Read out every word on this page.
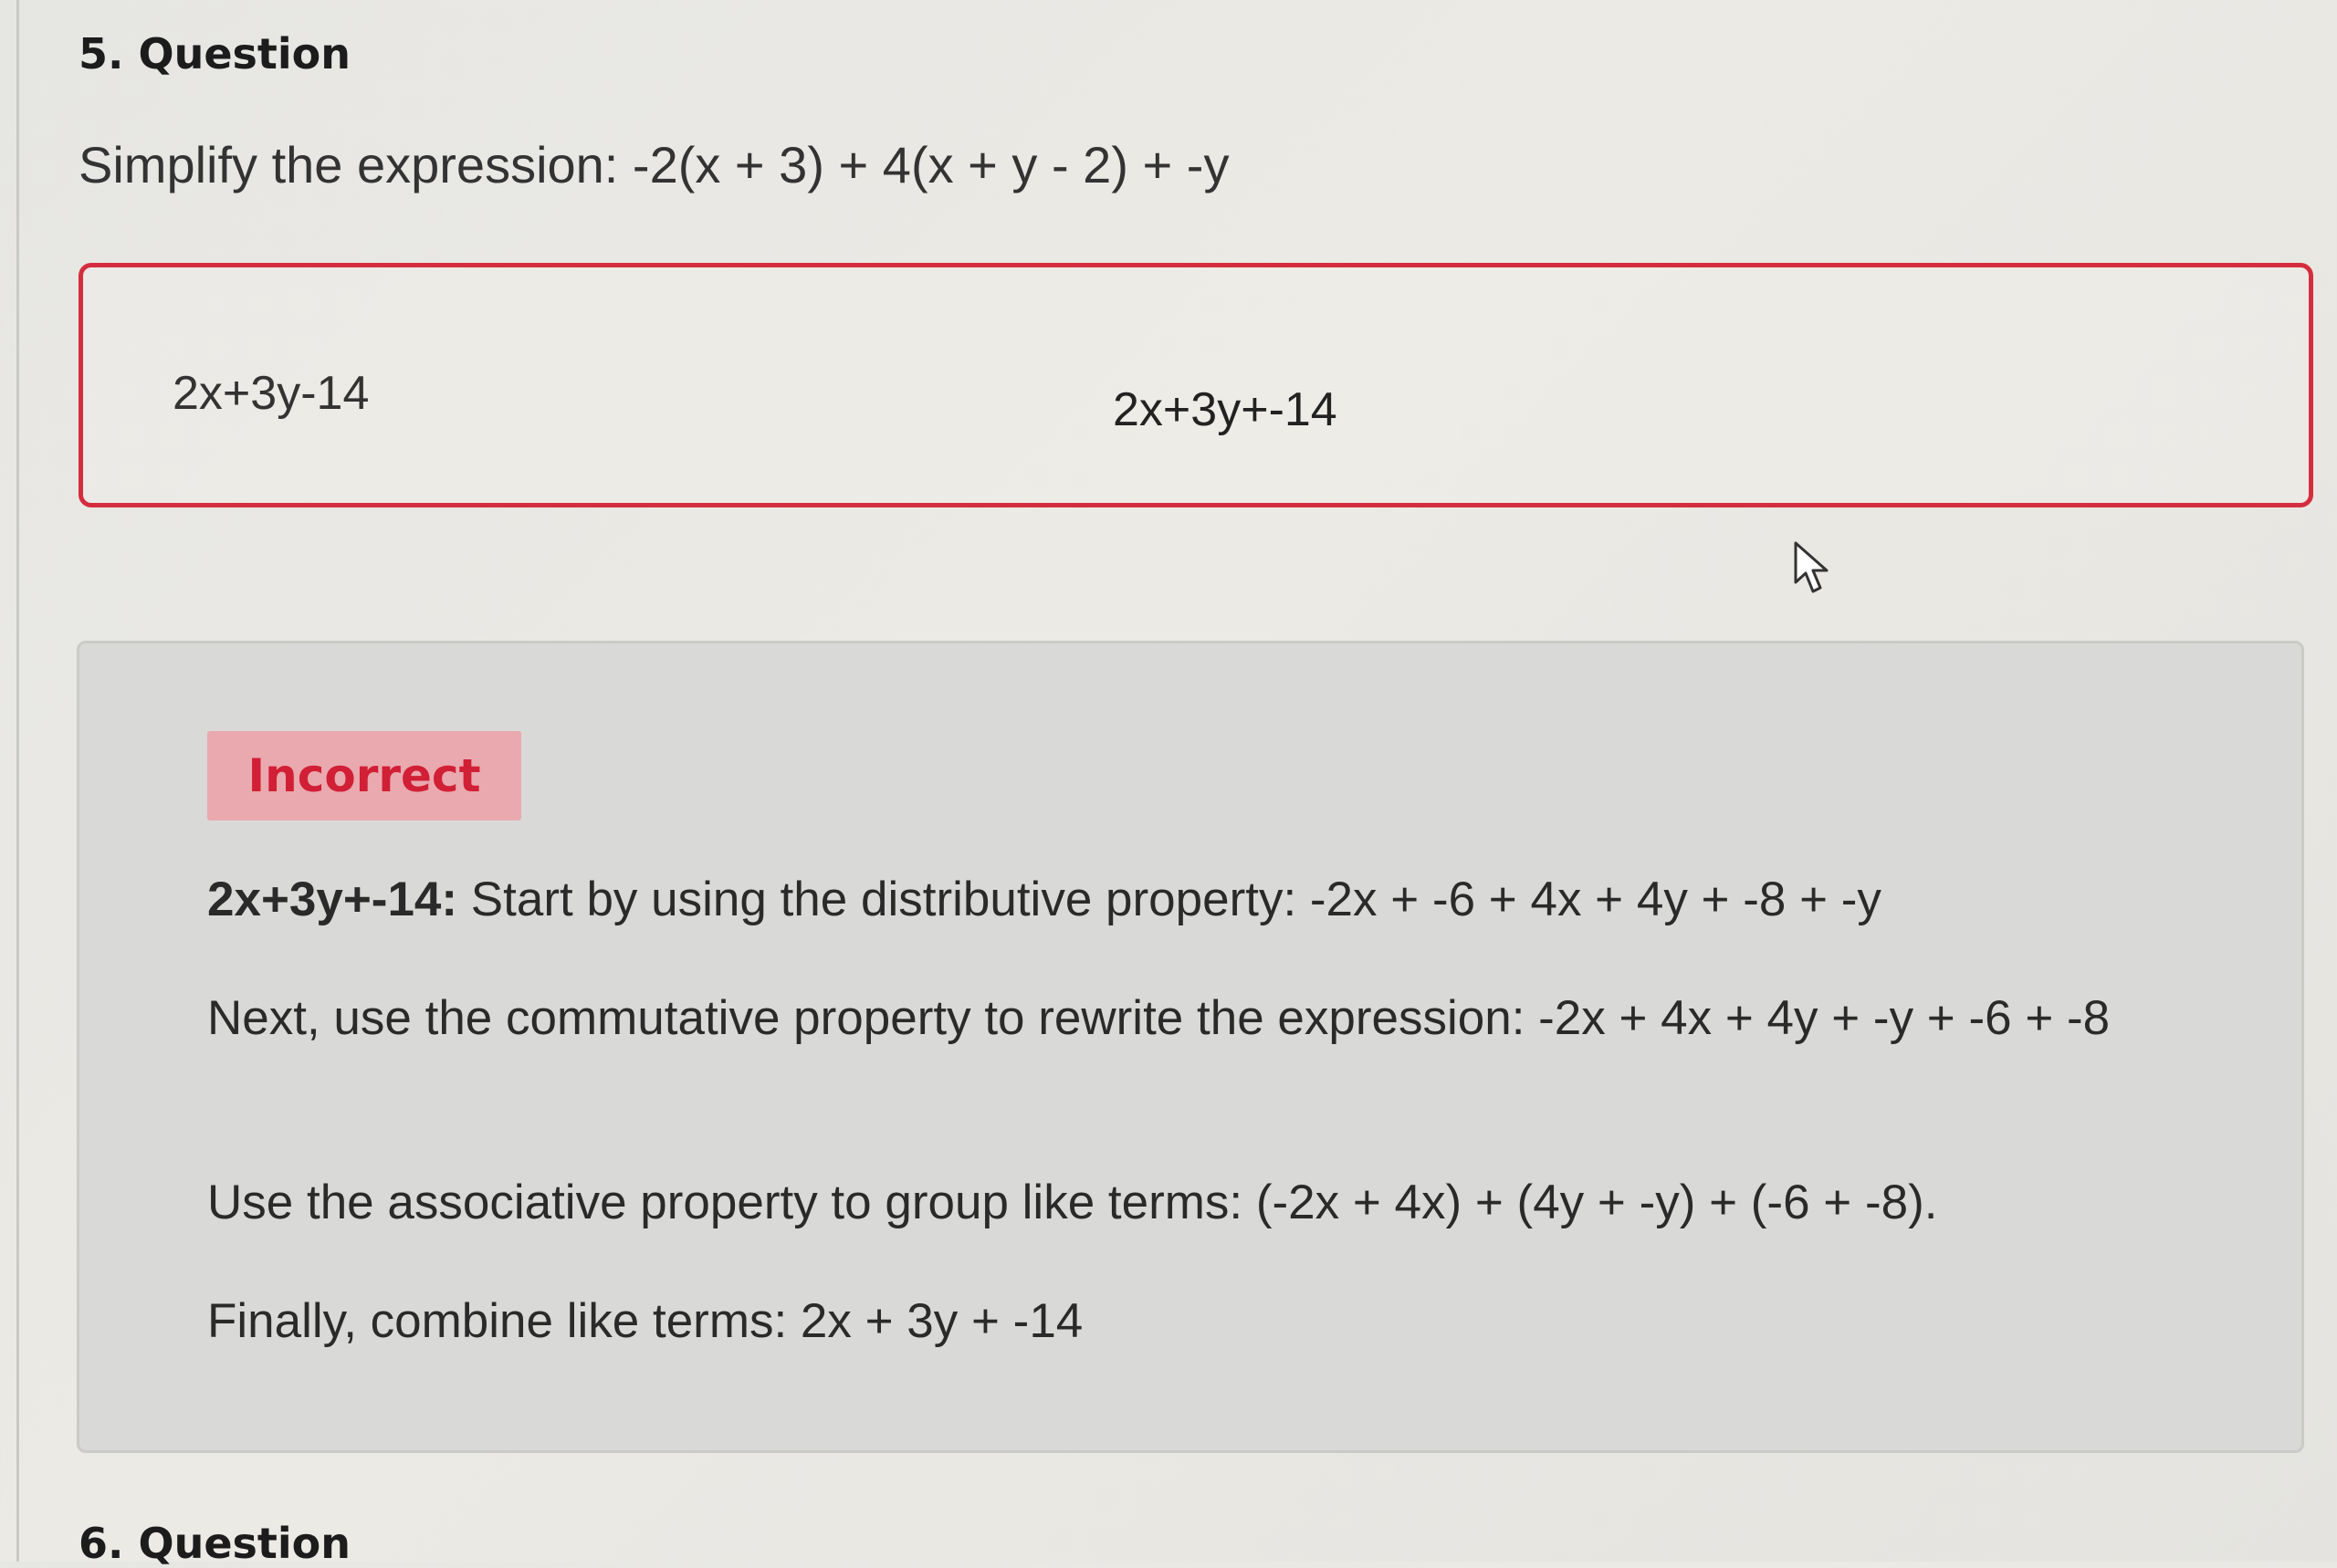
5. Question
Simplify the expression: -2(x + 3) + 4(x + y - 2) + -y
2x+3y-14	2x+3y+-14
Incorrect
2x+3y+-14: Start by using the distributive property: -2x + -6 + 4x + 4y + -8 + -y
Next, use the commutative property to rewrite the expression: -2x + 4x + 4y + -y + -6 + -8
Use the associative property to group like terms: (-2x + 4x) + (4y + -y) + (-6 + -8).
Finally, combine like terms: 2x + 3y + -14
6. Question
